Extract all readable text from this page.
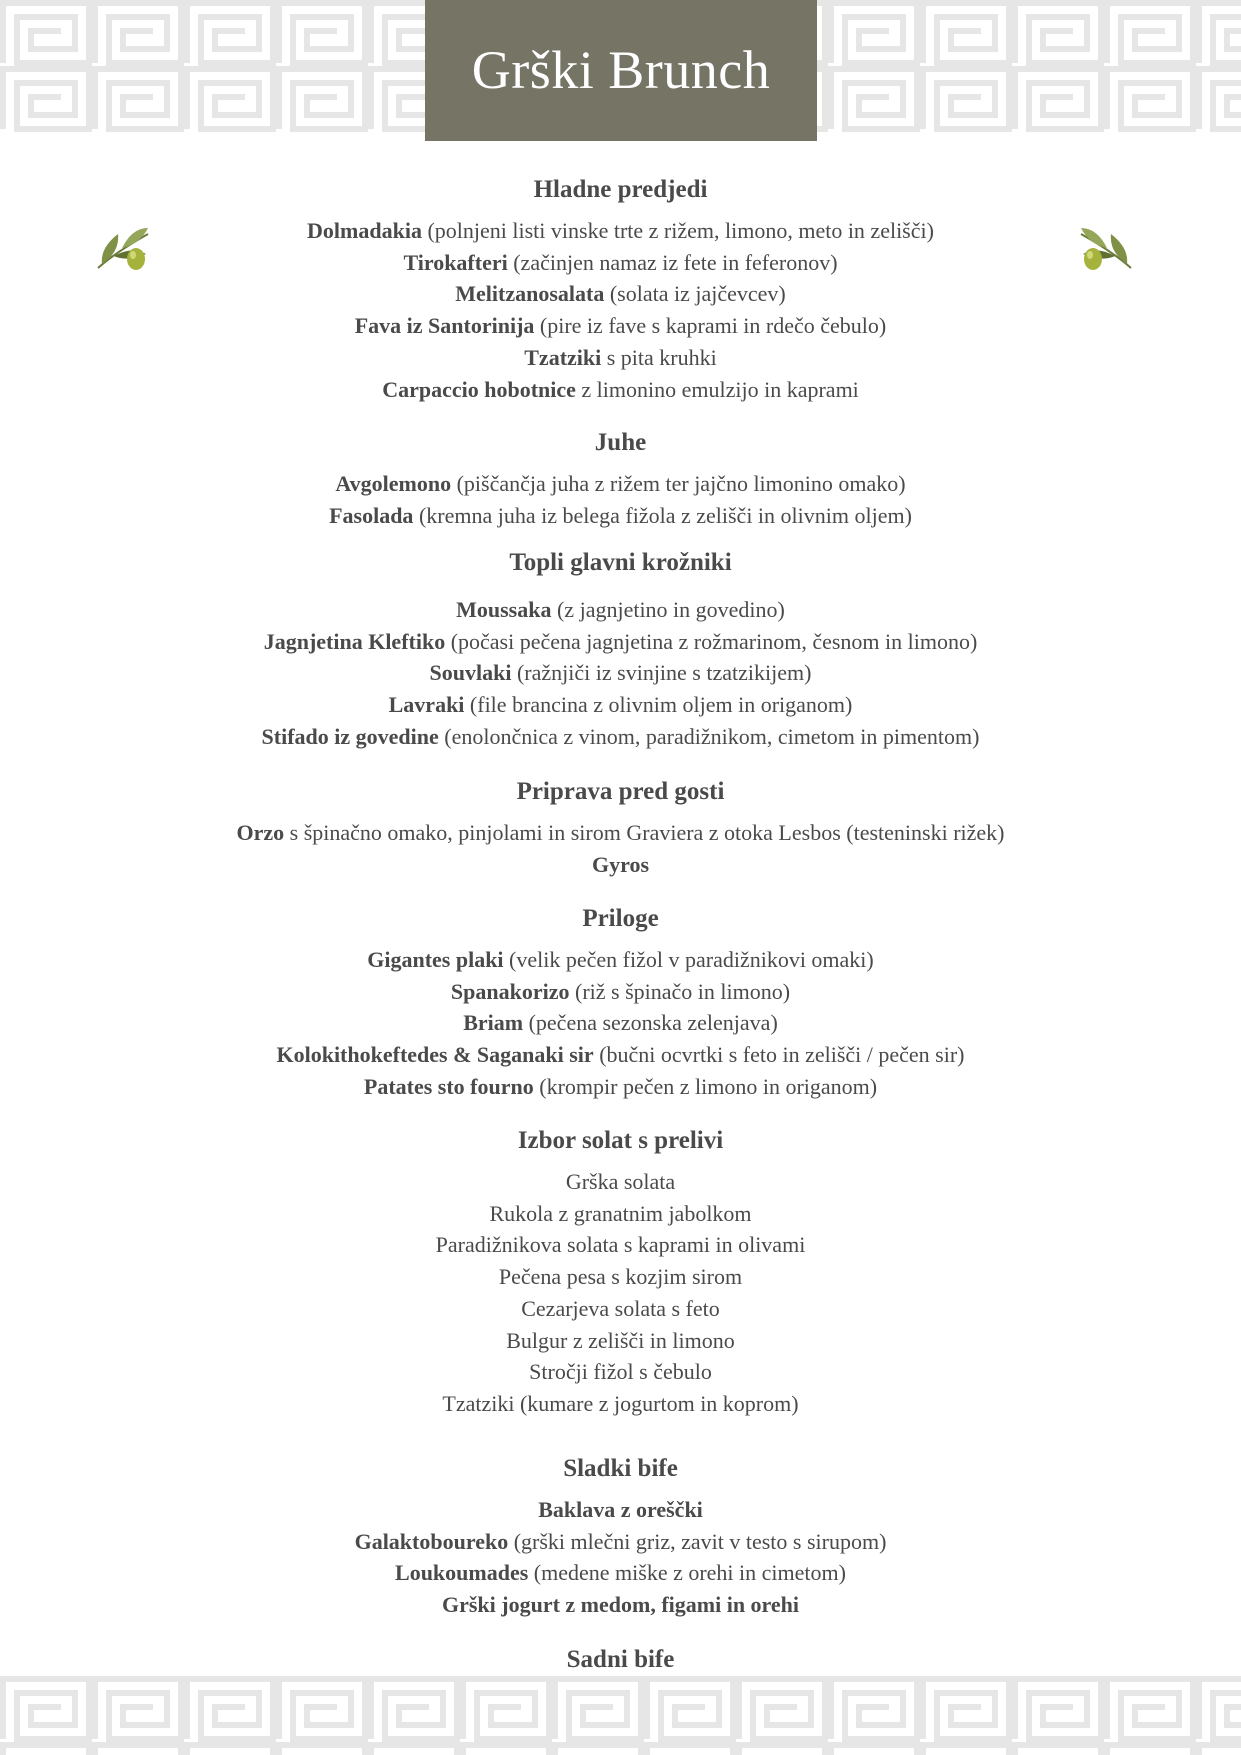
Grški Brunch
Hladne predjedi
Dolmadakia (polnjeni listi vinske trte z rižem, limono, meto in zelišči)
Tirokafteri (začinjen namaz iz fete in feferonov)
Melitzanosalata (solata iz jajčevcev)
Fava iz Santorinija (pire iz fave s kaprami in rdečo čebulo)
Tzatziki s pita kruhki
Carpaccio hobotnice z limonino emulzijo in kaprami
Juhe
Avgolemono (piščančja juha z rižem ter jajčno limonino omako)
Fasolada (kremna juha iz belega fižola z zelišči in olivnim oljem)
Topli glavni krožniki
Moussaka (z jagnjetino in govedino)
Jagnjetina Kleftiko (počasi pečena jagnjetina z rožmarinom, česnom in limono)
Souvlaki (ražnjiči iz svinjine s tzatzikijem)
Lavraki (file brancina z olivnim oljem in origanom)
Stifado iz govedine (enolončnica z vinom, paradižnikom, cimetom in pimentom)
Priprava pred gosti
Orzo s špinačno omako, pinjolami in sirom Graviera z otoka Lesbos (testeninski rižek)
Gyros
Priloge
Gigantes plaki (velik pečen fižol v paradižnikovi omaki)
Spanakorizo (riž s špinačo in limono)
Briam (pečena sezonska zelenjava)
Kolokithokeftedes & Saganaki sir (bučni ocvrtki s feto in zelišči / pečen sir)
Patates sto fourno (krompir pečen z limono in origanom)
Izbor solat s prelivi
Grška solata
Rukola z granatnim jabolkom
Paradižnikova solata s kaprami in olivami
Pečena pesa s kozjim sirom
Cezarjeva solata s feto
Bulgur z zelišči in limono
Stročji fižol s čebulo
Tzatziki (kumare z jogurtom in koprom)
Sladki bife
Baklava z oreščki
Galaktoboureko (grški mlečni griz, zavit v testo s sirupom)
Loukoumades (medene miške z orehi in cimetom)
Grški jogurt z medom, figami in orehi
Sadni bife
